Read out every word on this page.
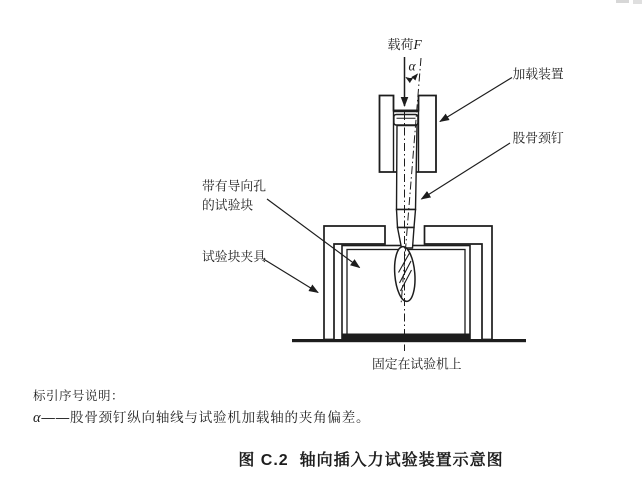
载荷F
α
加载装置
股骨颈钉
带有导向孔
的试验块
试验块夹具
固定在试验机上
标引序号说明：
α——股骨颈钉纵向轴线与试验机加载轴的夹角偏差。
图 C.2 轴向插入力试验装置示意图
